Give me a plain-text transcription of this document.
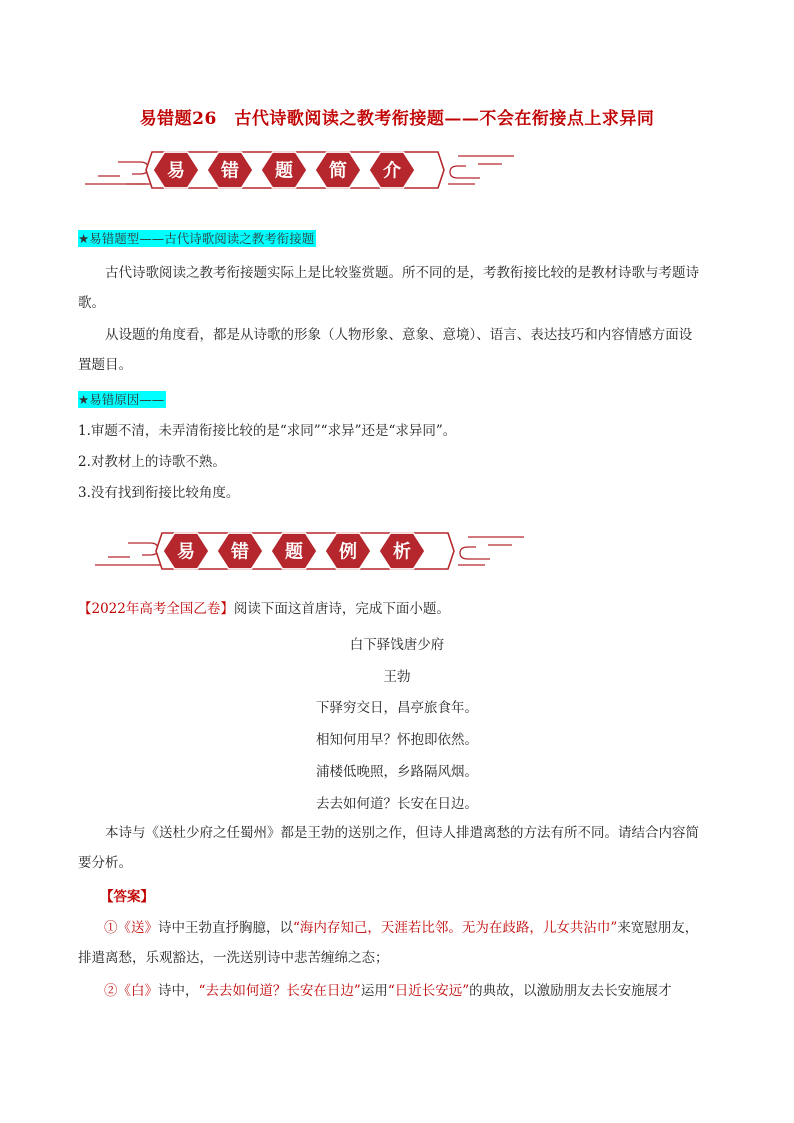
易错题26　古代诗歌阅读之教考衔接题——不会在衔接点上求异同
易 错 题 简 介
★易错题型——古代诗歌阅读之教考衔接题
古代诗歌阅读之教考衔接题实际上是比较鉴赏题。所不同的是，考教衔接比较的是教材诗歌与考题诗
歌。
从设题的角度看，都是从诗歌的形象（人物形象、意象、意境）、语言、表达技巧和内容情感方面设
置题目。
★易错原因——
1.审题不清，未弄清衔接比较的是“求同”“求异”还是“求异同”。
2.对教材上的诗歌不熟。
3.没有找到衔接比较角度。
易 错 题 例 析
【2022年高考全国乙卷】阅读下面这首唐诗，完成下面小题。
白下驿饯唐少府
王勃
下驿穷交日，昌亭旅食年。
相知何用早？怀抱即依然。
浦楼低晚照，乡路隔风烟。
去去如何道？长安在日边。
本诗与《送杜少府之任蜀州》都是王勃的送别之作，但诗人排遣离愁的方法有所不同。请结合内容简
要分析。
【答案】
①《送》诗中王勃直抒胸臆，以“海内存知己，天涯若比邻。无为在歧路，儿女共沾巾”来宽慰朋友，
排遣离愁，乐观豁达，一洗送别诗中悲苦缠绵之态；
②《白》诗中，“去去如何道？长安在日边”运用“日近长安远”的典故，以激励朋友去长安施展才
